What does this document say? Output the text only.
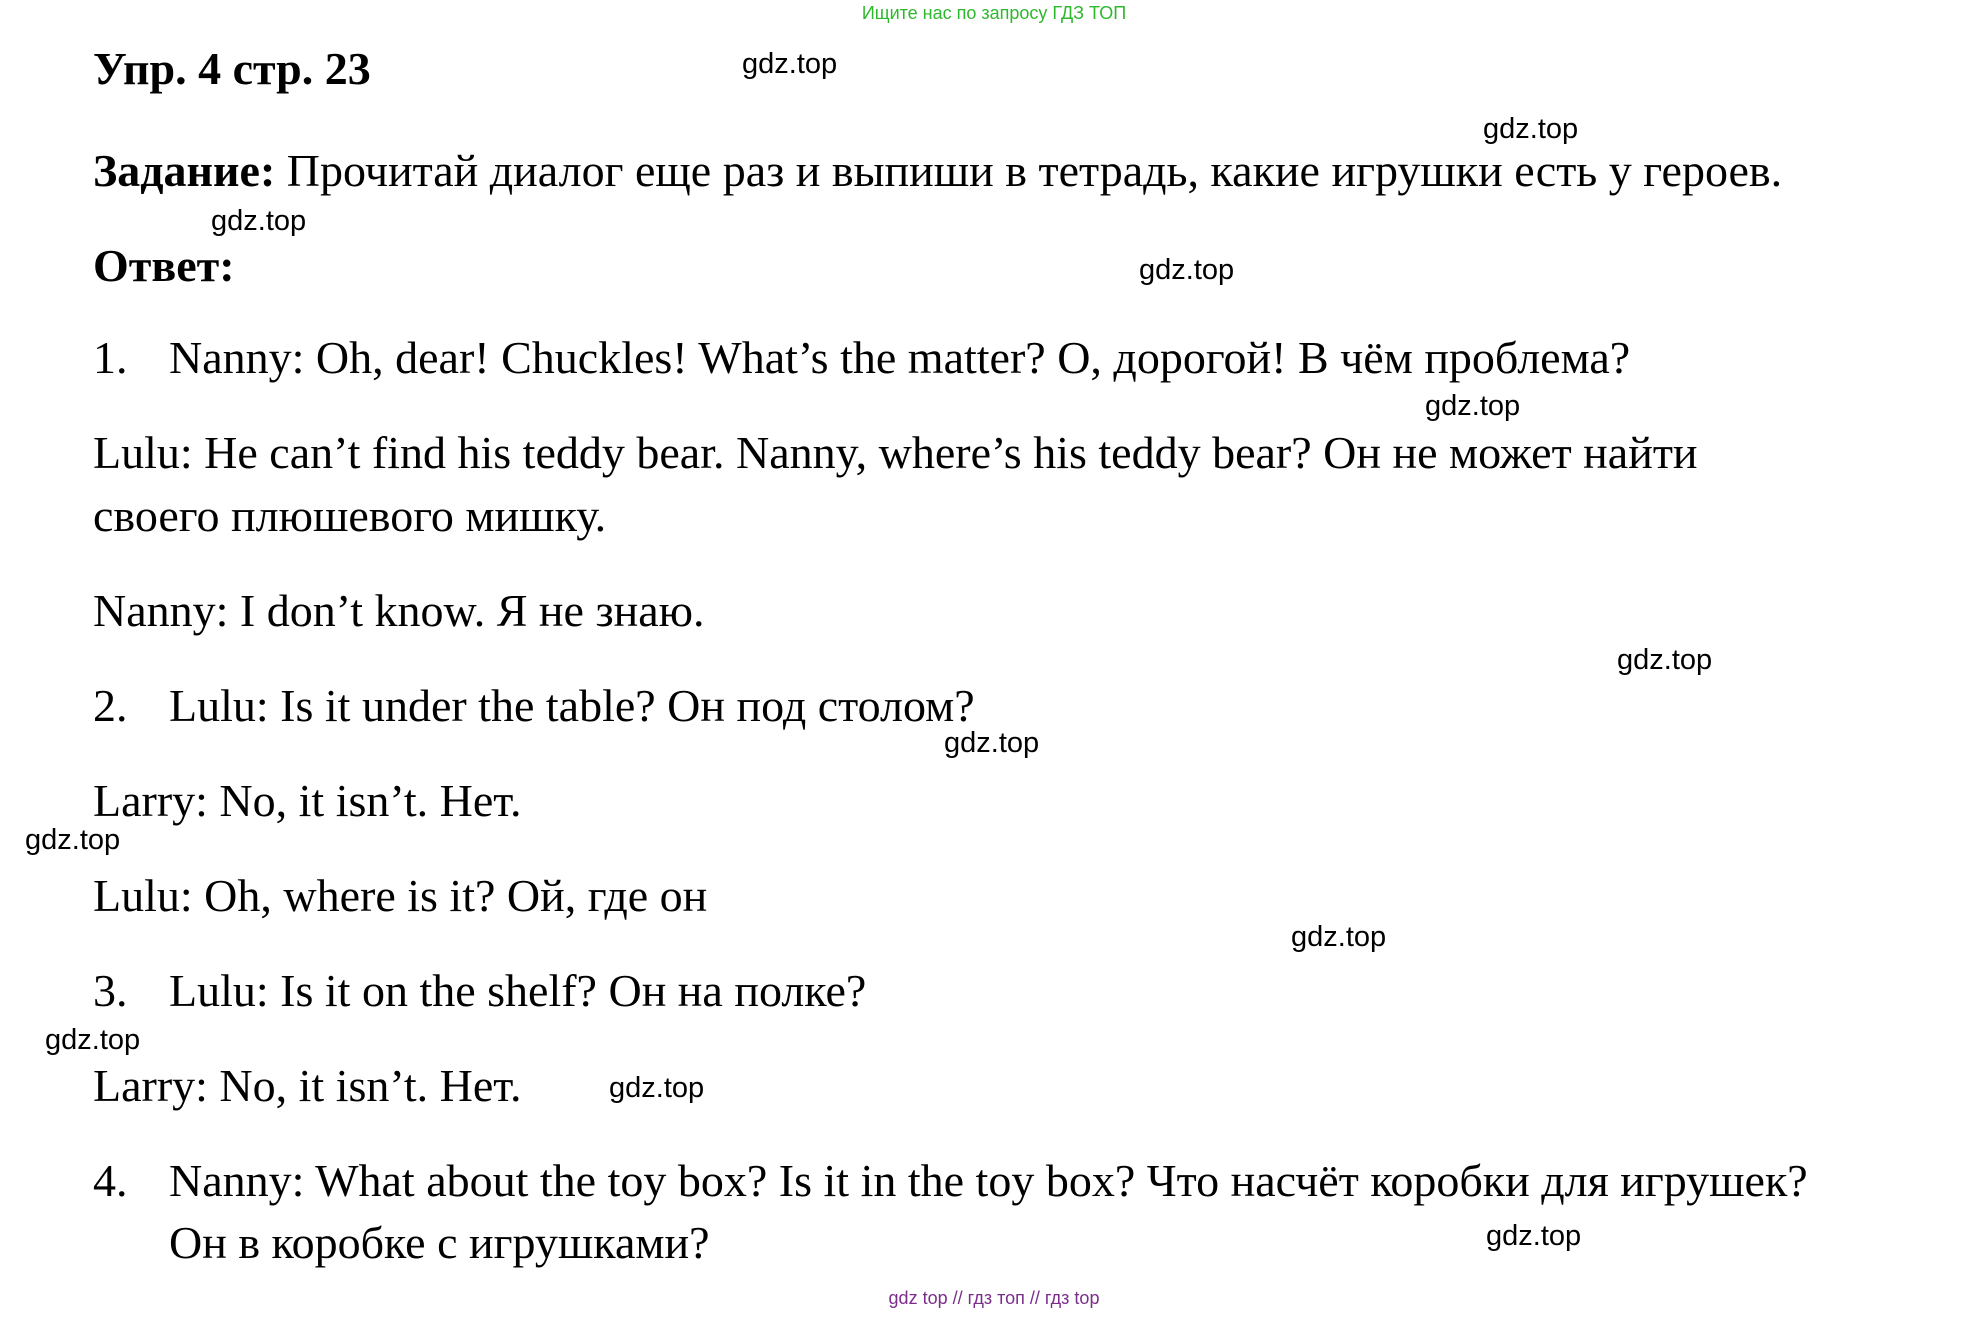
Ищите нас по запросу ГДЗ ТОП
Упр. 4 стр. 23
Задание: Прочитай диалог еще раз и выпиши в тетрадь, какие игрушки есть у героев.
Ответ:
1. Nanny: Oh, dear! Chuckles! What’s the matter? О, дорогой! В чём проблема?
Lulu: He can’t find his teddy bear. Nanny, where’s his teddy bear? Он не может найти
своего плюшевого мишку.
Nanny: I don’t know. Я не знаю.
2. Lulu: Is it under the table? Он под столом?
Larry: No, it isn’t. Нет.
Lulu: Oh, where is it? Ой, где он
3. Lulu: Is it on the shelf? Он на полке?
Larry: No, it isn’t. Нет.
4. Nanny: What about the toy box? Is it in the toy box? Что насчёт коробки для игрушек?
Он в коробке с игрушками?
gdz.top
gdz.top
gdz.top
gdz.top
gdz.top
gdz.top
gdz.top
gdz.top
gdz.top
gdz.top
gdz.top
gdz.top
gdz top // гдз топ // гдз top
